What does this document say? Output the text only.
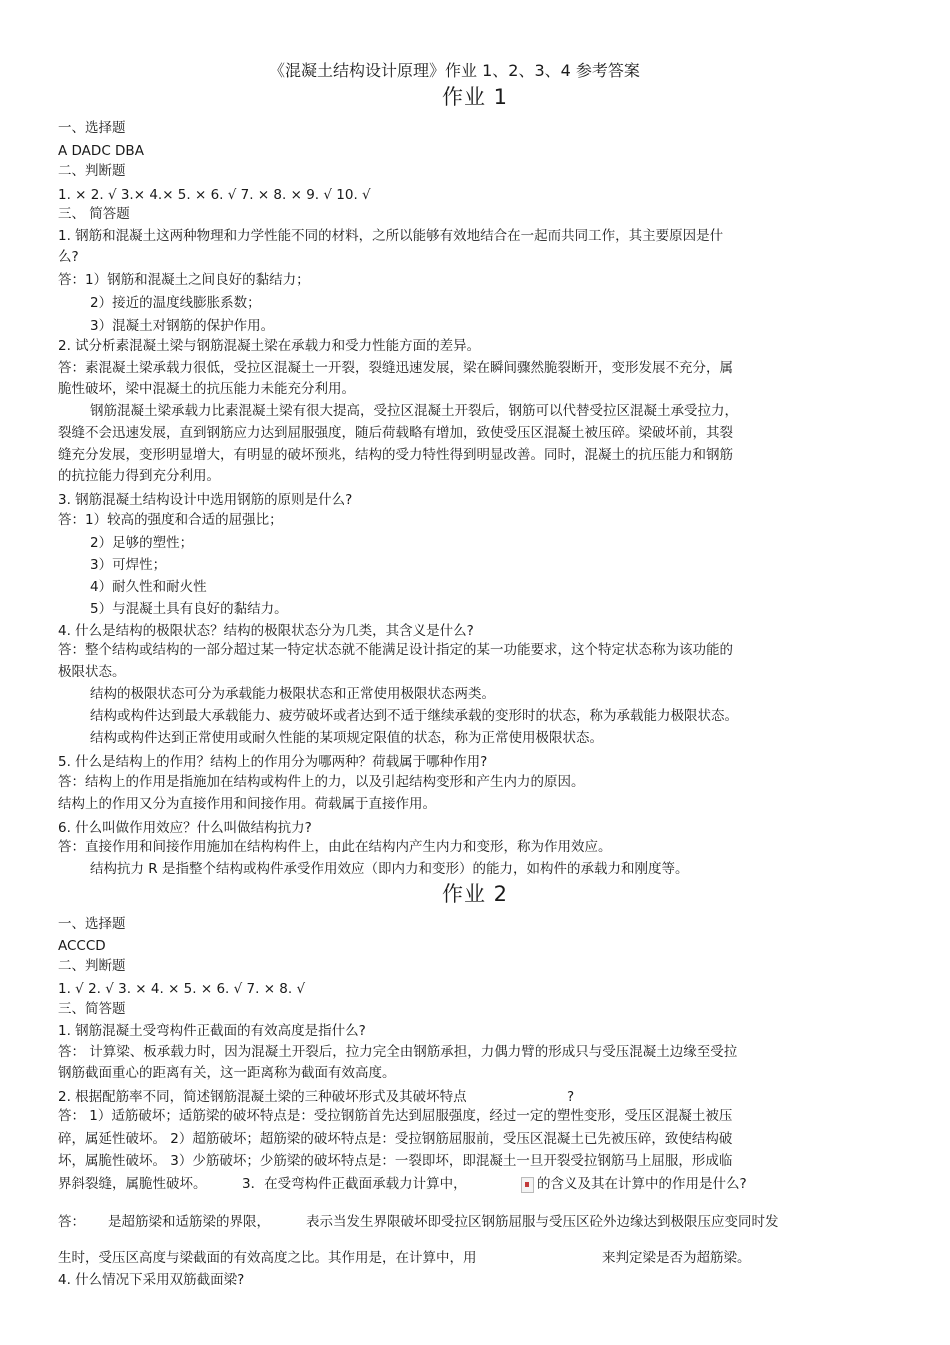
《混凝土结构设计原理》作业 1、2、3、4 参考答案
作业 1
一、选择题
A DADC DBA
二、判断题
1. × 2. √ 3.× 4.× 5. × 6. √ 7. × 8. × 9. √ 10. √
三、 简答题
1. 钢筋和混凝土这两种物理和力学性能不同的材料，之所以能够有效地结合在一起而共同工作，其主要原因是什
么?
答：1）钢筋和混凝土之间良好的黏结力；
2）接近的温度线膨胀系数；
3）混凝土对钢筋的保护作用。
2. 试分析素混凝土梁与钢筋混凝土梁在承载力和受力性能方面的差异。
答：素混凝土梁承载力很低，受拉区混凝土一开裂，裂缝迅速发展，梁在瞬间骤然脆裂断开，变形发展不充分，属
脆性破坏，梁中混凝土的抗压能力未能充分利用。
钢筋混凝土梁承载力比素混凝土梁有很大提高，受拉区混凝土开裂后，钢筋可以代替受拉区混凝土承受拉力，
裂缝不会迅速发展，直到钢筋应力达到屈服强度，随后荷载略有增加，致使受压区混凝土被压碎。梁破坏前，其裂
缝充分发展，变形明显增大，有明显的破坏预兆，结构的受力特性得到明显改善。同时，混凝土的抗压能力和钢筋
的抗拉能力得到充分利用。
3. 钢筋混凝土结构设计中选用钢筋的原则是什么?
答：1）较高的强度和合适的屈强比；
2）足够的塑性；
3）可焊性；
4）耐久性和耐火性
5）与混凝土具有良好的黏结力。
4. 什么是结构的极限状态？结构的极限状态分为几类，其含义是什么?
答：整个结构或结构的一部分超过某一特定状态就不能满足设计指定的某一功能要求，这个特定状态称为该功能的
极限状态。
结构的极限状态可分为承载能力极限状态和正常使用极限状态两类。
结构或构件达到最大承载能力、疲劳破坏或者达到不适于继续承载的变形时的状态，称为承载能力极限状态。
结构或构件达到正常使用或耐久性能的某项规定限值的状态，称为正常使用极限状态。
5. 什么是结构上的作用？结构上的作用分为哪两种？荷载属于哪种作用?
答：结构上的作用是指施加在结构或构件上的力，以及引起结构变形和产生内力的原因。
结构上的作用又分为直接作用和间接作用。荷载属于直接作用。
6. 什么叫做作用效应？什么叫做结构抗力?
答：直接作用和间接作用施加在结构构件上，由此在结构内产生内力和变形，称为作用效应。
结构抗力 R 是指整个结构或构件承受作用效应（即内力和变形）的能力，如构件的承载力和刚度等。
作业 2
一、选择题
ACCCD
二、判断题
1. √ 2. √ 3. × 4. × 5. × 6. √ 7. × 8. √
三、简答题
1. 钢筋混凝土受弯构件正截面的有效高度是指什么?
答： 计算梁、板承载力时，因为混凝土开裂后，拉力完全由钢筋承担，力偶力臂的形成只与受压混凝土边缘至受拉
钢筋截面重心的距离有关，这一距离称为截面有效高度。
2. 根据配筋率不同，简述钢筋混凝土梁的三种破坏形式及其破坏特点	?
答： 1）适筋破坏；适筋梁的破坏特点是：受拉钢筋首先达到屈服强度，经过一定的塑性变形，受压区混凝土被压
碎，属延性破坏。 2）超筋破坏；超筋梁的破坏特点是：受拉钢筋屈服前，受压区混凝土已先被压碎，致使结构破
坏，属脆性破坏。 3）少筋破坏；少筋梁的破坏特点是：一裂即坏，即混凝土一旦开裂受拉钢筋马上屈服，形成临
界斜裂缝，属脆性破坏。	3．在受弯构件正截面承载力计算中，	的含义及其在计算中的作用是什么?
答： 是超筋梁和适筋梁的界限，	表示当发生界限破坏即受拉区钢筋屈服与受压区砼外边缘达到极限压应变同时发
生时，受压区高度与梁截面的有效高度之比。其作用是，在计算中，用	来判定梁是否为超筋梁。
4. 什么情况下采用双筋截面梁?
